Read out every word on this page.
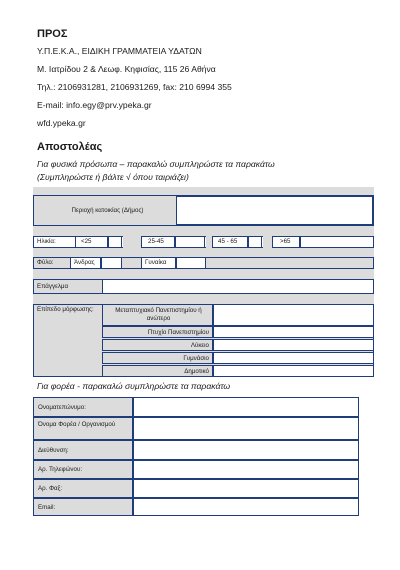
ΠΡΟΣ
Υ.Π.Ε.Κ.Α., ΕΙΔΙΚΗ ΓΡΑΜΜΑΤΕΙΑ ΥΔΑΤΩΝ
Μ. Ιατρίδου 2 & Λεωφ. Κηφισίας, 115 26 Αθήνα
Τηλ.: 2106931281, 2106931269, fax: 210 6994 355
E-mail: info.egy@prv.ypeka.gr
wfd.ypeka.gr
Αποστολέας
Για φυσικά πρόσωπα – παρακαλώ συμπληρώστε τα παρακάτω
(Συμπληρώστε ή βάλτε √ όπου ταιριάζει)
Περιοχή κατοικίας (Δήμος)
Ηλικία:	<25	25-45	45 - 65	>65
Φύλο:	Άνδρας	Γυναίκα
Επάγγελμα
Επίπεδο μόρφωσης:	Μεταπτυχιακό Πανεπιστημίου ή ανώτερο
Πτυχίο Πανεπιστημίου
Λύκειο
Γυμνάσιο
Δημοτικό
Για φορέα - παρακαλώ συμπληρώστε τα παρακάτω
Ονοματεπώνυμο:
Όνομα Φορέα / Οργανισμού
Διεύθυνση:
Αρ. Τηλεφώνου:
Αρ. Φαξ:
Email:
